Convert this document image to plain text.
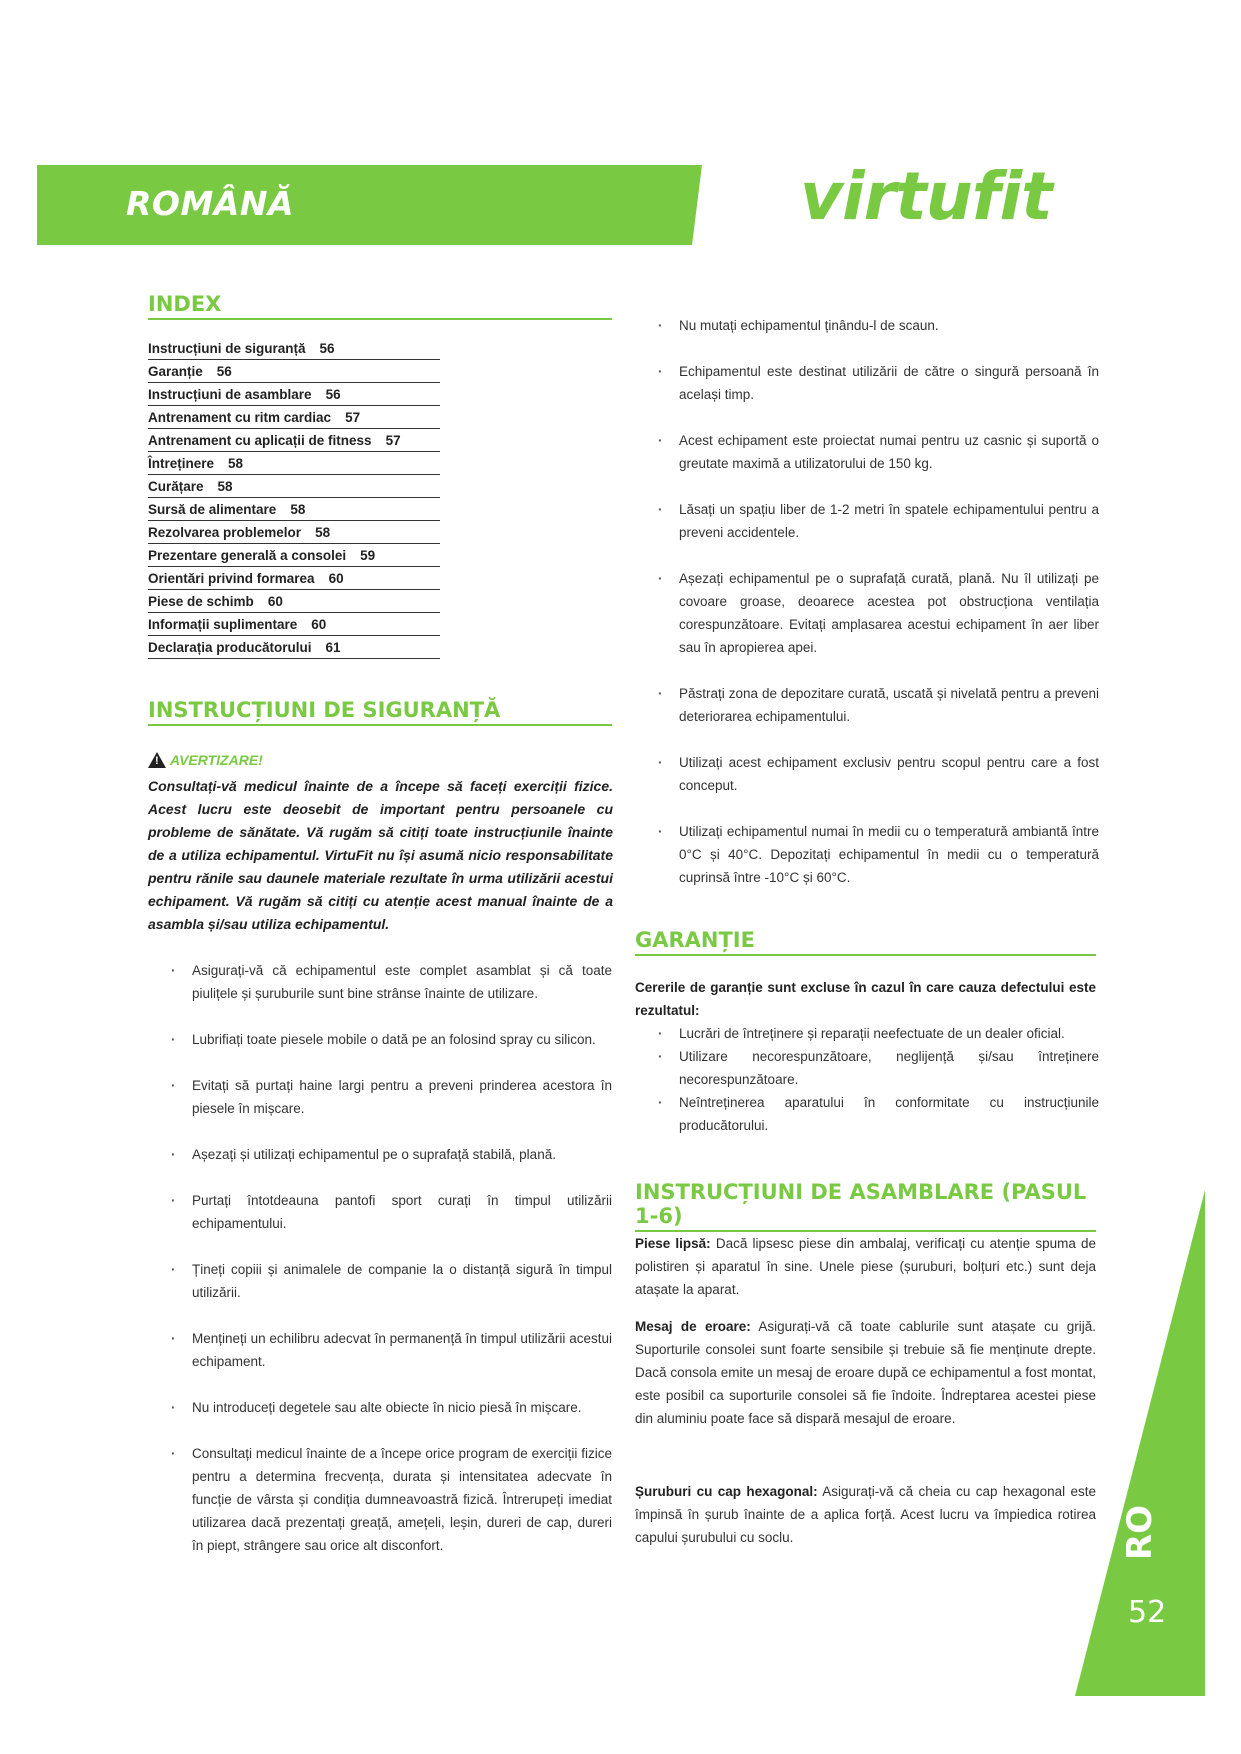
ROMÂNĂ	virtufit
INDEX
Instrucțiuni de siguranță 56
Garanție 56
Instrucțiuni de asamblare 56
Antrenament cu ritm cardiac 57
Antrenament cu aplicații de fitness 57
Întreținere 58
Curățare 58
Sursă de alimentare 58
Rezolvarea problemelor 58
Prezentare generală a consolei 59
Orientări privind formarea 60
Piese de schimb 60
Informații suplimentare 60
Declarația producătorului 61
INSTRUCȚIUNI DE SIGURANȚĂ
! AVERTIZARE!

Consultați-vă medicul înainte de a începe să faceți exerciții fizice. Acest lucru este deosebit de important pentru persoanele cu probleme de sănătate. Vă rugăm să citiți toate instrucțiunile înainte de a utiliza echipamentul. VirtuFit nu își asumă nicio responsabilitate pentru rănile sau daunele materiale rezultate în urma utilizării acestui echipament. Vă rugăm să citiți cu atenție acest manual înainte de a asambla și/sau utiliza echipamentul.

· Asigurați-vă că echipamentul este complet asamblat și că toate piulițele și șuruburile sunt bine strânse înainte de utilizare.
· Lubrifiați toate piesele mobile o dată pe an folosind spray cu silicon.
· Evitați să purtați haine largi pentru a preveni prinderea acestora în piesele în mișcare.
· Așezați și utilizați echipamentul pe o suprafață stabilă, plană.
· Purtați întotdeauna pantofi sport curați în timpul utilizării echipamentului.
· Țineți copiii și animalele de companie la o distanță sigură în timpul utilizării.
· Mențineți un echilibru adecvat în permanență în timpul utilizării acestui echipament.
· Nu introduceți degetele sau alte obiecte în nicio piesă în mișcare.
· Consultați medicul înainte de a începe orice program de exerciții fizice pentru a determina frecvența, durata și intensitatea adecvate în funcție de vârsta și condiția dumneavoastră fizică. Întrerupeți imediat utilizarea dacă prezentați greață, amețeli, leșin, dureri de cap, dureri în piept, strângere sau orice alt disconfort.
· Nu mutați echipamentul ținându-l de scaun.
· Echipamentul este destinat utilizării de către o singură persoană în același timp.
· Acest echipament este proiectat numai pentru uz casnic și suportă o greutate maximă a utilizatorului de 150 kg.
· Lăsați un spațiu liber de 1-2 metri în spatele echipamentului pentru a preveni accidentele.
· Așezați echipamentul pe o suprafață curată, plană. Nu îl utilizați pe covoare groase, deoarece acestea pot obstrucționa ventilația corespunzătoare. Evitați amplasarea acestui echipament în aer liber sau în apropierea apei.
· Păstrați zona de depozitare curată, uscată și nivelată pentru a preveni deteriorarea echipamentului.
· Utilizați acest echipament exclusiv pentru scopul pentru care a fost conceput.
· Utilizați echipamentul numai în medii cu o temperatură ambiantă între 0°C și 40°C. Depozitați echipamentul în medii cu o temperatură cuprinsă între -10°C și 60°C.
GARANȚIE

Cererile de garanție sunt excluse în cazul în care cauza defectului este rezultatul:

· Lucrări de întreținere și reparații neefectuate de un dealer oficial.
· Utilizare necorespunzătoare, neglijență și/sau întreținere necorespunzătoare.
· Neîntreținerea aparatului în conformitate cu instrucțiunile producătorului.
INSTRUCȚIUNI DE ASAMBLARE (PASUL 1-6)

Piese lipsă: Dacă lipsesc piese din ambalaj, verificați cu atenție spuma de polistiren și aparatul în sine. Unele piese (șuruburi, bolțuri etc.) sunt deja atașate la aparat.

Mesaj de eroare: Asigurați-vă că toate cablurile sunt atașate cu grijă. Suporturile consolei sunt foarte sensibile și trebuie să fie menținute drepte. Dacă consola emite un mesaj de eroare după ce echipamentul a fost montat, este posibil ca suporturile consolei să fie îndoite. Îndreptarea acestei piese din aluminiu poate face să dispară mesajul de eroare.

Șuruburi cu cap hexagonal: Asigurați-vă că cheia cu cap hexagonal este împinsă în șurub înainte de a aplica forță. Acest lucru va împiedica rotirea capului șurubului cu soclu.	RO
52
